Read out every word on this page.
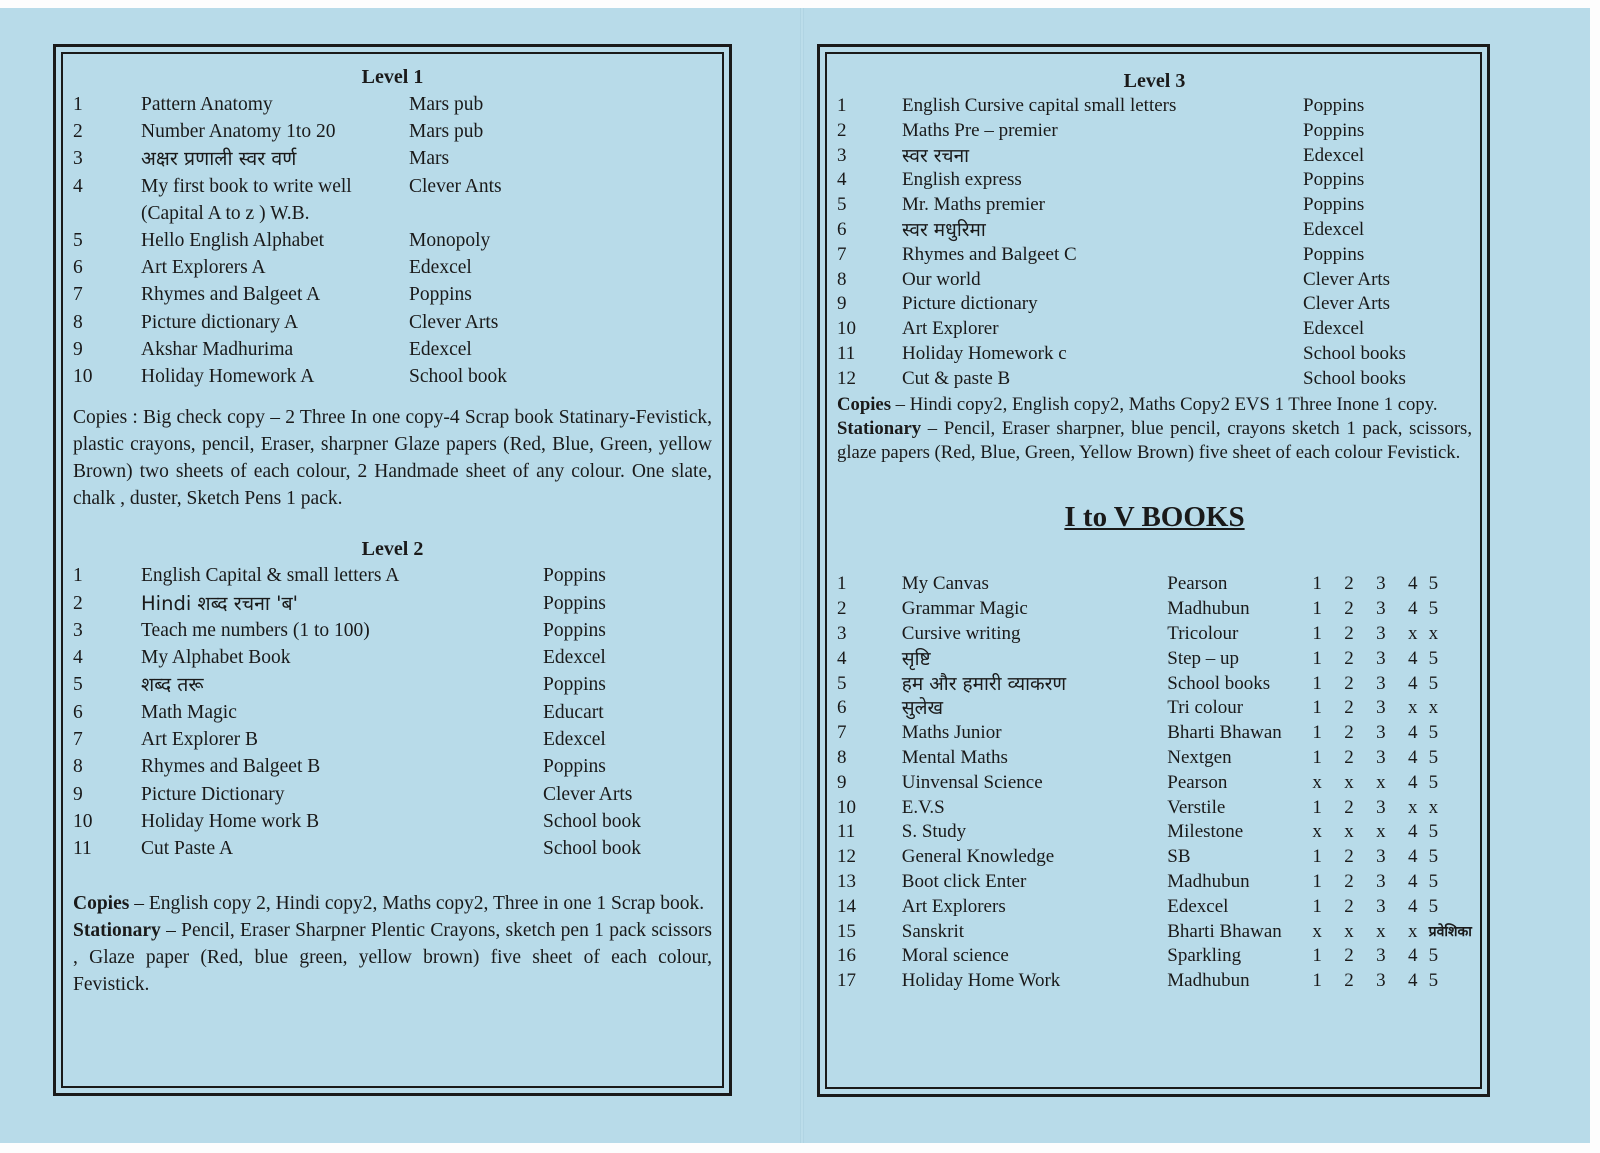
Level 1

1	Pattern Anatomy	Mars pub
2	Number Anatomy 1to 20	Mars pub
3	अक्षर प्रणाली स्वर वर्ण	Mars
4	My first book to write well	Clever Ants
	(Capital A to z ) W.B.	
5	Hello English Alphabet	Monopoly
6	Art Explorers A	Edexcel
7	Rhymes and Balgeet A	Poppins
8	Picture dictionary A	Clever Arts
9	Akshar Madhurima	Edexcel
10	Holiday Homework A	School book

Copies : Big check copy – 2 Three In one copy-4 Scrap book Statinary-Fevistick, plastic crayons, pencil, Eraser, sharpner Glaze papers (Red, Blue, Green, yellow Brown) two sheets of each colour, 2 Handmade sheet of any colour. One slate, chalk , duster, Sketch Pens 1 pack.

Level 2

1	English Capital & small letters A	Poppins
2	Hindi शब्द रचना 'ब'	Poppins
3	Teach me numbers (1 to 100)	Poppins
4	My Alphabet Book	Edexcel
5	शब्द तरू	Poppins
6	Math Magic	Educart
7	Art Explorer B	Edexcel
8	Rhymes and Balgeet B	Poppins
9	Picture Dictionary	Clever Arts
10	Holiday Home work B	School book
11	Cut Paste A	School book

Copies – English copy 2, Hindi copy2, Maths copy2, Three in one 1 Scrap book.

Stationary – Pencil, Eraser Sharpner Plentic Crayons, sketch pen 1 pack scissors , Glaze paper (Red, blue green, yellow brown) five sheet of each colour, Fevistick.

Level 3

1	English Cursive capital small letters	Poppins
2	Maths Pre – premier	Poppins
3	स्वर रचना	Edexcel
4	English express	Poppins
5	Mr. Maths premier	Poppins
6	स्वर मधुरिमा	Edexcel
7	Rhymes and Balgeet C	Poppins
8	Our world	Clever Arts
9	Picture dictionary	Clever Arts
10	Art Explorer	Edexcel
11	Holiday Homework c	School books
12	Cut & paste B	School books

Copies – Hindi copy2, English copy2, Maths Copy2 EVS 1 Three Inone 1 copy.

Stationary – Pencil, Eraser sharpner, blue pencil, crayons sketch 1 pack, scissors, glaze papers (Red, Blue, Green, Yellow Brown) five sheet of each colour Fevistick.

I to V BOOKS

1	My Canvas	Pearson	1	2	3	4	5
2	Grammar Magic	Madhubun	1	2	3	4	5
3	Cursive writing	Tricolour	1	2	3	x	x
4	सृष्टि	Step – up	1	2	3	4	5
5	हम और हमारी व्याकरण	School books	1	2	3	4	5
6	सुलेख	Tri colour	1	2	3	x	x
7	Maths Junior	Bharti Bhawan	1	2	3	4	5
8	Mental Maths	Nextgen	1	2	3	4	5
9	Uinvensal Science	Pearson	x	x	x	4	5
10	E.V.S	Verstile	1	2	3	x	x
11	S. Study	Milestone	x	x	x	4	5
12	General Knowledge	SB	1	2	3	4	5
13	Boot click Enter	Madhubun	1	2	3	4	5
14	Art Explorers	Edexcel	1	2	3	4	5
15	Sanskrit	Bharti Bhawan	x	x	x	x	प्रवेशिका
16	Moral science	Sparkling	1	2	3	4	5
17	Holiday Home Work	Madhubun	1	2	3	4	5
